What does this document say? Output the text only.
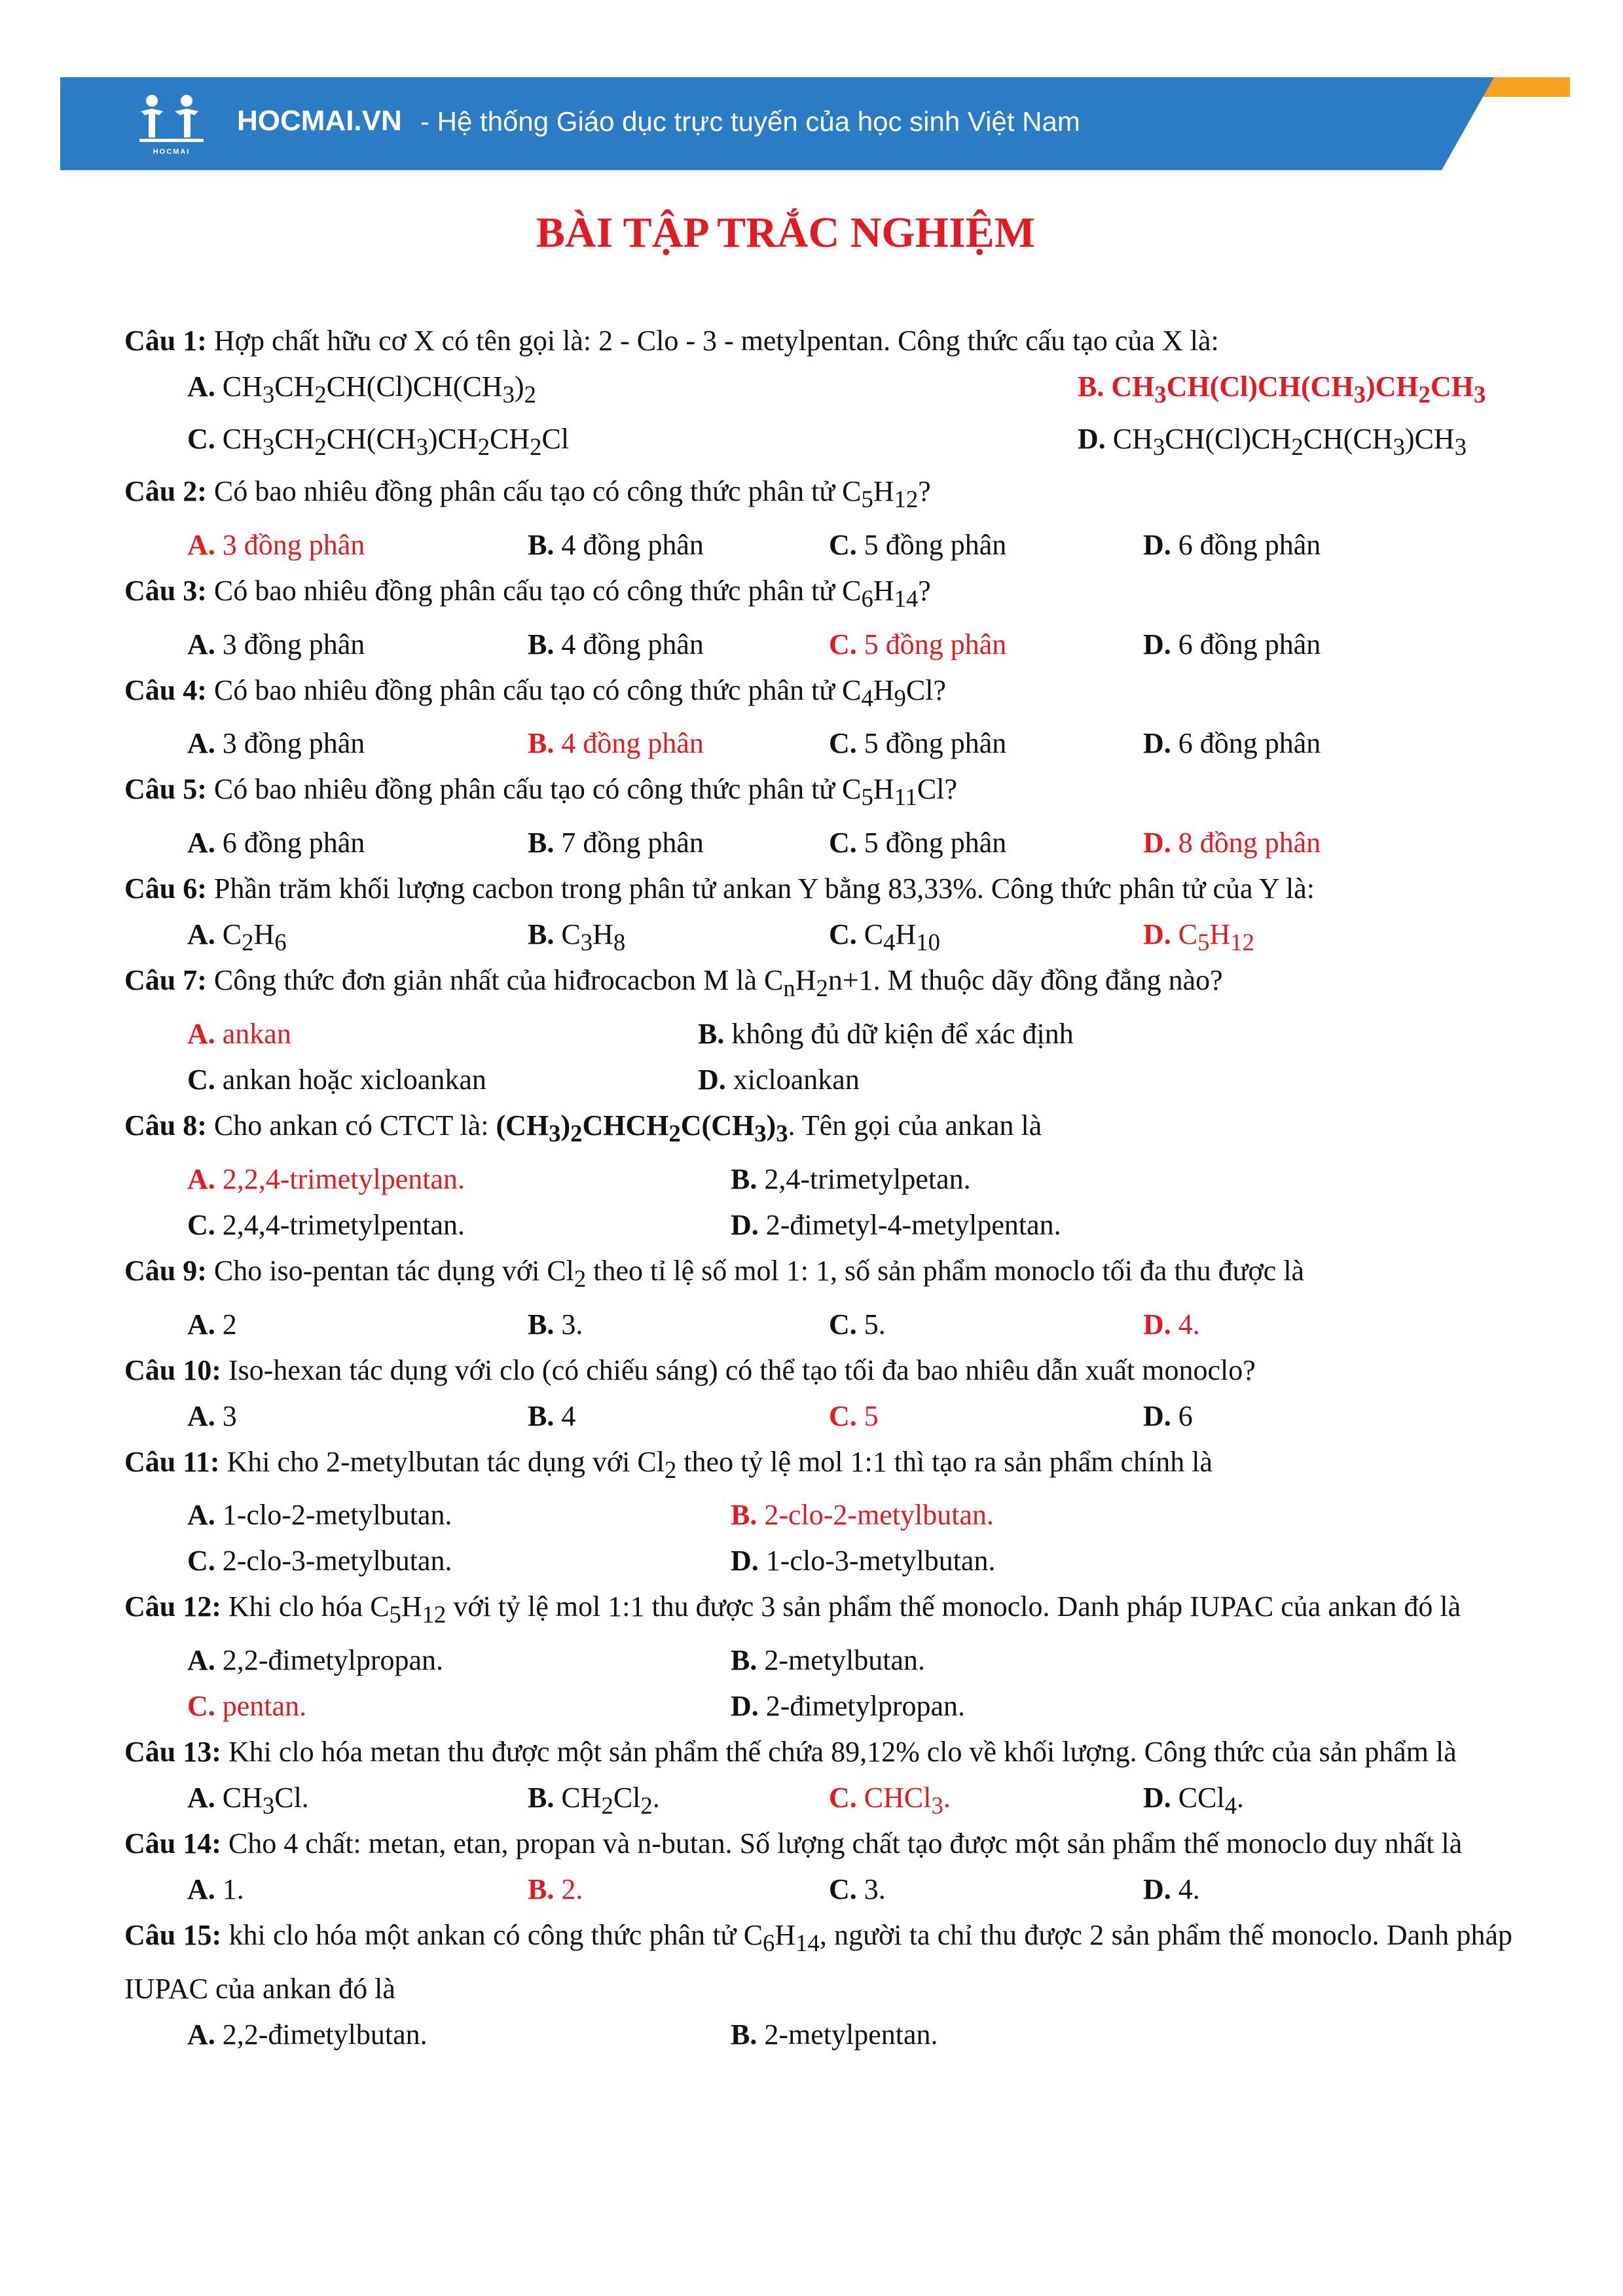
HOCMAI
HOCMAI.VN - Hệ thống Giáo dục trực tuyến của học sinh Việt Nam
BÀI TẬP TRẮC NGHIỆM
Câu 1: Hợp chất hữu cơ X có tên gọi là: 2 - Clo - 3 - metylpentan. Công thức cấu tạo của X là:
A. $CH_3CH_2CH(Cl)CH(CH_3)_2$	B. $CH_3CH(Cl)CH(CH_3)CH_2CH_3$
C. $CH_3CH_2CH(CH_3)CH_2CH_2Cl$	D. $CH_3CH(Cl)CH_2CH(CH_3)CH_3$
Câu 2: Có bao nhiêu đồng phân cấu tạo có công thức phân tử $C_5H_{12}$?
A. 3 đồng phân	B. 4 đồng phân	C. 5 đồng phân	D. 6 đồng phân
Câu 3: Có bao nhiêu đồng phân cấu tạo có công thức phân tử $C_6H_{14}$?
A. 3 đồng phân	B. 4 đồng phân	C. 5 đồng phân	D. 6 đồng phân
Câu 4: Có bao nhiêu đồng phân cấu tạo có công thức phân tử $C_4H_9Cl$?
A. 3 đồng phân	B. 4 đồng phân	C. 5 đồng phân	D. 6 đồng phân
Câu 5: Có bao nhiêu đồng phân cấu tạo có công thức phân tử $C_5H_{11}Cl$?
A. 6 đồng phân	B. 7 đồng phân	C. 5 đồng phân	D. 8 đồng phân
Câu 6: Phần trăm khối lượng cacbon trong phân tử ankan Y bằng 83,33%. Công thức phân tử của Y là:
A. $C_2H_6$	B. $C_3H_8$	C. $C_4H_{10}$	D. $C_5H_{12}$
Câu 7: Công thức đơn giản nhất của hiđrocacbon M là $C_nH_2n+1$. M thuộc dãy đồng đẳng nào?
A. ankan	B. không đủ dữ kiện để xác định
C. ankan hoặc xicloankan	D. xicloankan
Câu 8: Cho ankan có CTCT là: $(CH_3)_2CHCH_2C(CH_3)_3$. Tên gọi của ankan là
A. 2,2,4-trimetylpentan.	B. 2,4-trimetylpetan.
C. 2,4,4-trimetylpentan.	D. 2-đimetyl-4-metylpentan.
Câu 9: Cho iso-pentan tác dụng với $Cl_2$ theo tỉ lệ số mol 1: 1, số sản phẩm monoclo tối đa thu được là
A. 2	B. 3.	C. 5.	D. 4.
Câu 10: Iso-hexan tác dụng với clo (có chiếu sáng) có thể tạo tối đa bao nhiêu dẫn xuất monoclo?
A. 3	B. 4	C. 5	D. 6
Câu 11: Khi cho 2-metylbutan tác dụng với $Cl_2$ theo tỷ lệ mol 1:1 thì tạo ra sản phẩm chính là
A. 1-clo-2-metylbutan.	B. 2-clo-2-metylbutan.
C. 2-clo-3-metylbutan.	D. 1-clo-3-metylbutan.
Câu 12: Khi clo hóa $C_5H_{12}$ với tỷ lệ mol 1:1 thu được 3 sản phẩm thế monoclo. Danh pháp IUPAC của ankan đó là
A. 2,2-đimetylpropan.	B. 2-metylbutan.
C. pentan.	D. 2-đimetylpropan.
Câu 13: Khi clo hóa metan thu được một sản phẩm thế chứa 89,12% clo về khối lượng. Công thức của sản phẩm là
A. $CH_3Cl$.	B. $CH_2Cl_2$.	C. CHCl$_3$.	D. CCl$_4$.
Câu 14: Cho 4 chất: metan, etan, propan và n-butan. Số lượng chất tạo được một sản phẩm thế monoclo duy nhất là
A. 1.	B. 2.	C. 3.	D. 4.
Câu 15: khi clo hóa một ankan có công thức phân tử $C_6H_{14}$, người ta chỉ thu được 2 sản phẩm thế monoclo. Danh pháp IUPAC của ankan đó là
A. 2,2-đimetylbutan.	B. 2-metylpentan.
